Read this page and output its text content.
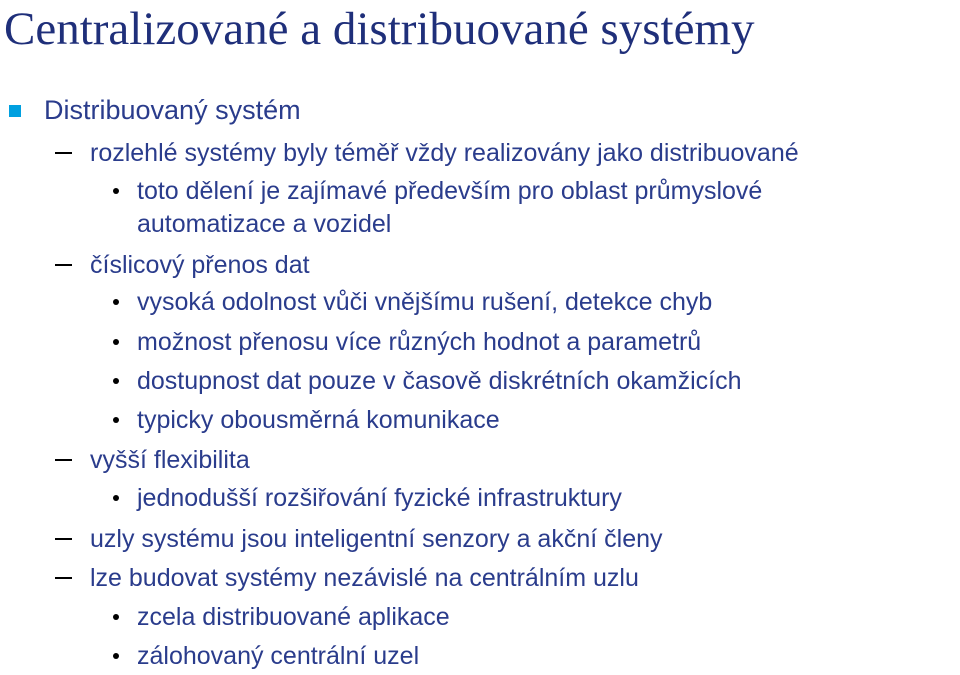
Centralizované a distribuované systémy
Distribuovaný systém
rozlehlé systémy byly téměř vždy realizovány jako distribuované
toto dělení je zajímavé především pro oblast průmyslové
automatizace a vozidel
číslicový přenos dat
vysoká odolnost vůči vnějšímu rušení, detekce chyb
možnost přenosu více různých hodnot a parametrů
dostupnost dat pouze v časově diskrétních okamžicích
typicky obousměrná komunikace
vyšší flexibilita
jednodušší rozšiřování fyzické infrastruktury
uzly systému jsou inteligentní senzory a akční členy
lze budovat systémy nezávislé na centrálním uzlu
zcela distribuované aplikace
zálohovaný centrální uzel
